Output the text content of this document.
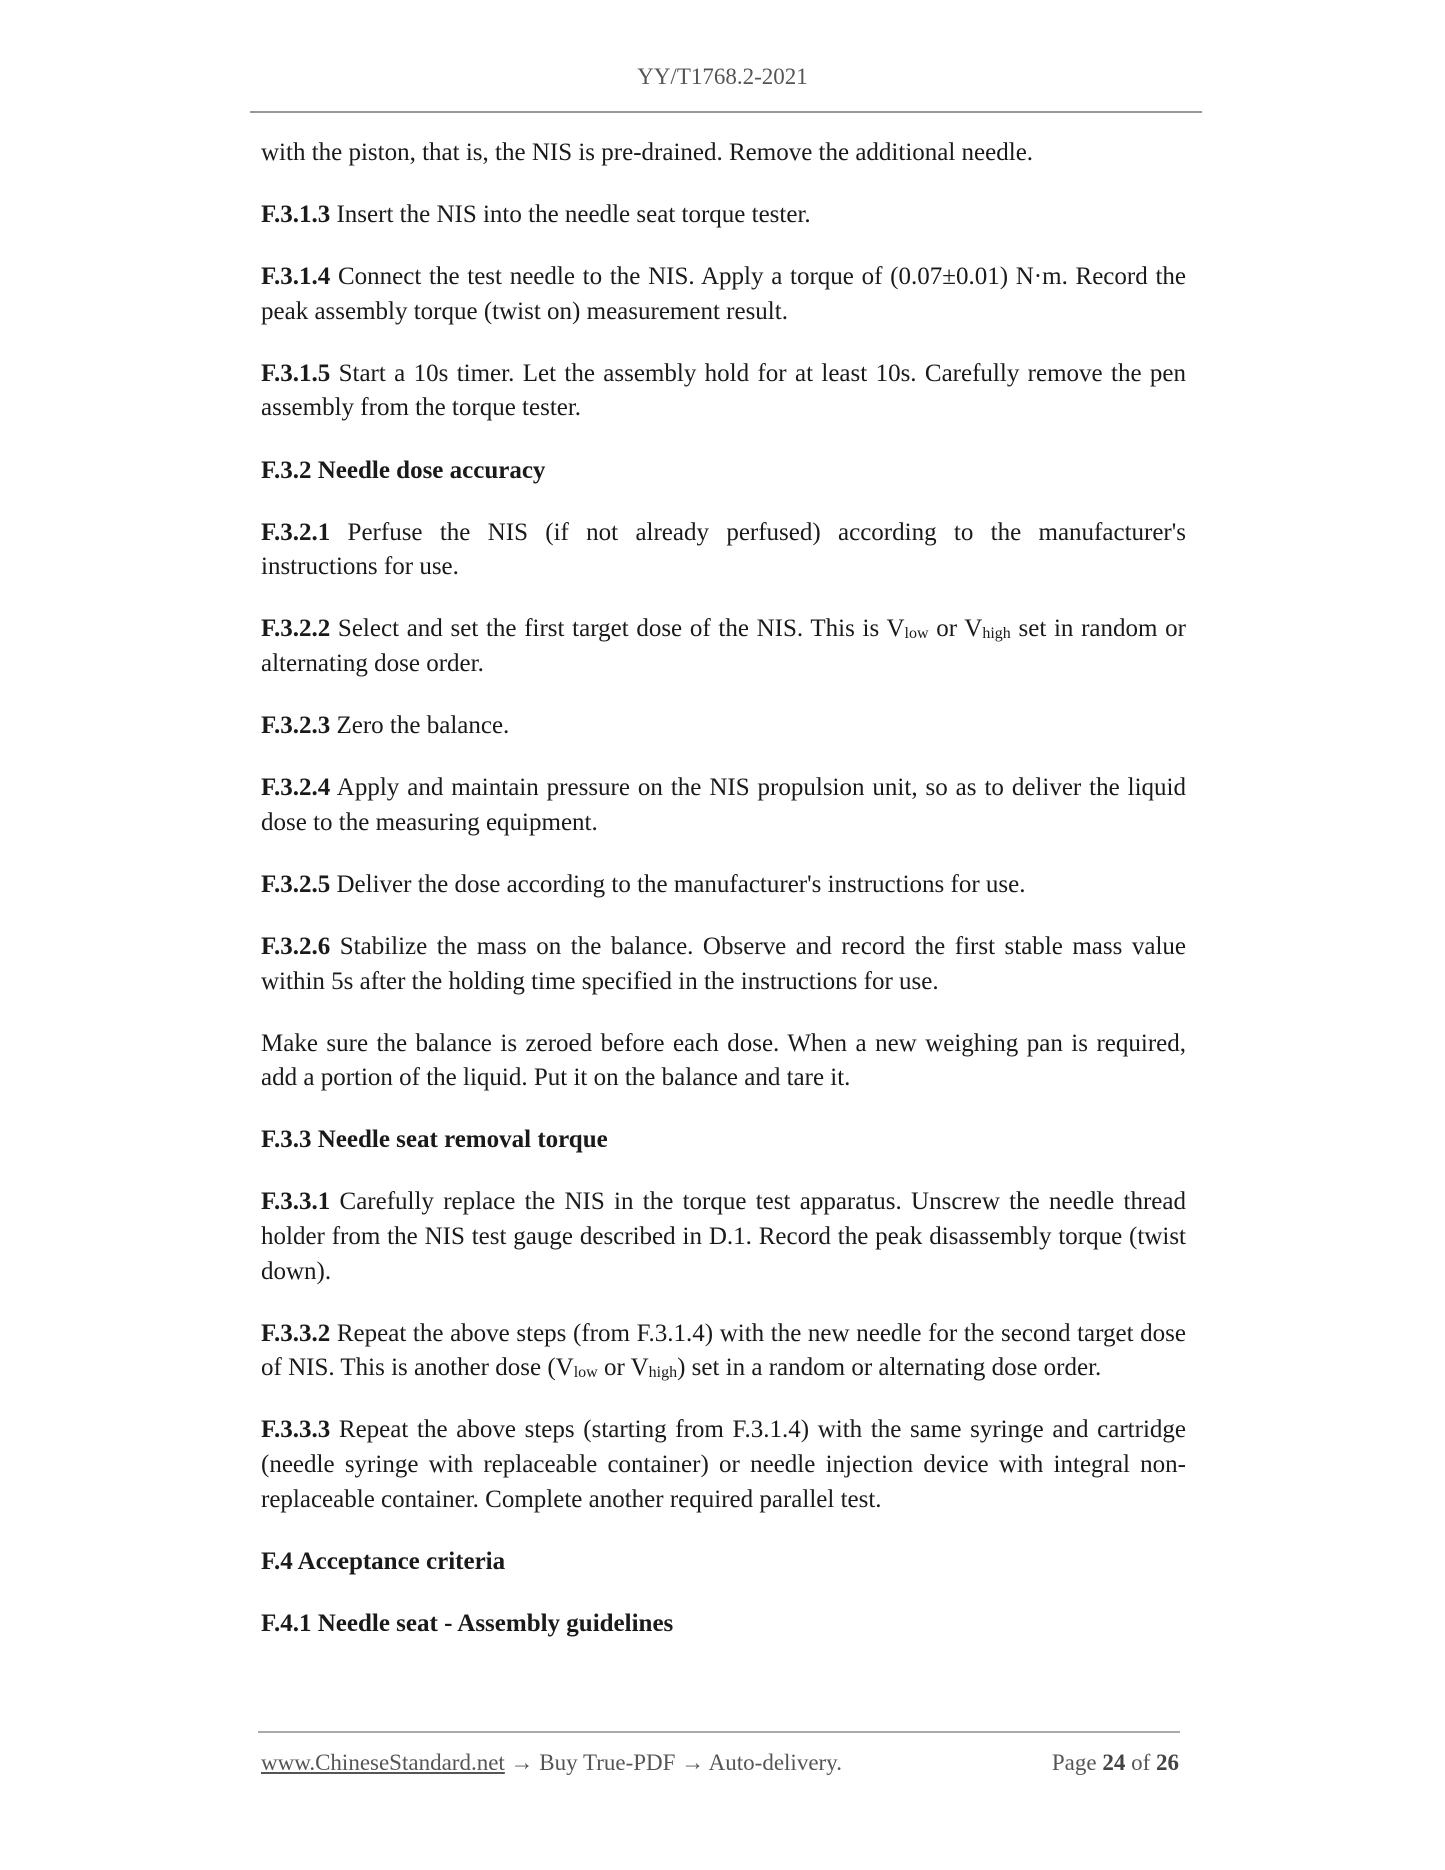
YY/T1768.2-2021

with the piston, that is, the NIS is pre-drained. Remove the additional needle.

F.3.1.3 Insert the NIS into the needle seat torque tester.

F.3.1.4 Connect the test needle to the NIS. Apply a torque of (0.07±0.01) N·m. Record the peak assembly torque (twist on) measurement result.

F.3.1.5 Start a 10s timer. Let the assembly hold for at least 10s. Carefully remove the pen assembly from the torque tester.

F.3.2 Needle dose accuracy

F.3.2.1 Perfuse the NIS (if not already perfused) according to the manufacturer's instructions for use.

F.3.2.2 Select and set the first target dose of the NIS. This is $V_{low}$ or $V_{high}$ set in random or alternating dose order.

F.3.2.3 Zero the balance.

F.3.2.4 Apply and maintain pressure on the NIS propulsion unit, so as to deliver the liquid dose to the measuring equipment.

F.3.2.5 Deliver the dose according to the manufacturer's instructions for use.

F.3.2.6 Stabilize the mass on the balance. Observe and record the first stable mass value within 5s after the holding time specified in the instructions for use.

Make sure the balance is zeroed before each dose. When a new weighing pan is required, add a portion of the liquid. Put it on the balance and tare it.

F.3.3 Needle seat removal torque

F.3.3.1 Carefully replace the NIS in the torque test apparatus. Unscrew the needle thread holder from the NIS test gauge described in D.1. Record the peak disassembly torque (twist down).

F.3.3.2 Repeat the above steps (from F.3.1.4) with the new needle for the second target dose of NIS. This is another dose ($V_{low}$ or $V_{high}$) set in a random or alternating dose order.

F.3.3.3 Repeat the above steps (starting from F.3.1.4) with the same syringe and cartridge (needle syringe with replaceable container) or needle injection device with integral non-replaceable container. Complete another required parallel test.

F.4 Acceptance criteria

F.4.1 Needle seat - Assembly guidelines

www.ChineseStandard.net → Buy True-PDF → Auto-delivery.	Page 24 of 26
